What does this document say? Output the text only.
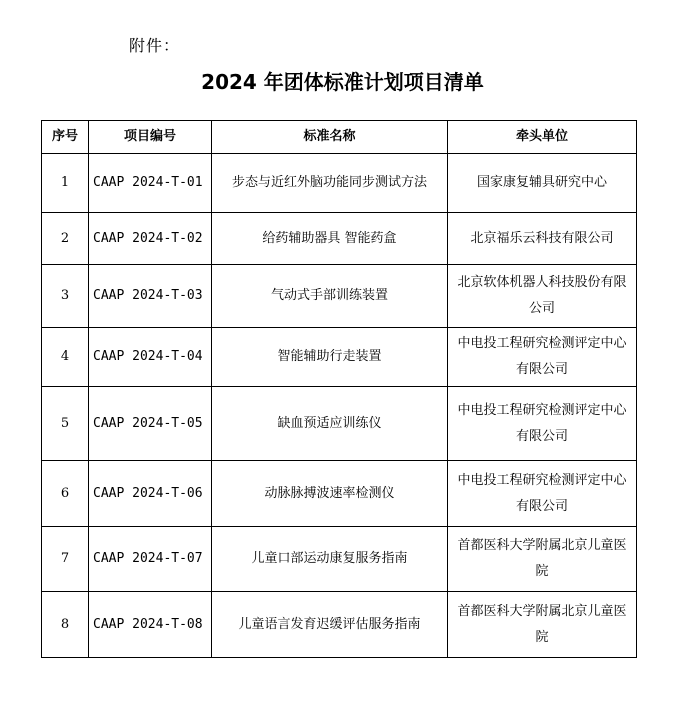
附件：
2024 年团体标准计划项目清单
序号	项目编号	标准名称	牵头单位
1	CAAP 2024-T-01	步态与近红外脑功能同步测试方法	国家康复辅具研究中心
2	CAAP 2024-T-02	给药辅助器具 智能药盒	北京福乐云科技有限公司
3	CAAP 2024-T-03	气动式手部训练装置	北京软体机器人科技股份有限公司
4	CAAP 2024-T-04	智能辅助行走装置	中电投工程研究检测评定中心有限公司
5	CAAP 2024-T-05	缺血预适应训练仪	中电投工程研究检测评定中心有限公司
6	CAAP 2024-T-06	动脉脉搏波速率检测仪	中电投工程研究检测评定中心有限公司
7	CAAP 2024-T-07	儿童口部运动康复服务指南	首都医科大学附属北京儿童医院
8	CAAP 2024-T-08	儿童语言发育迟缓评估服务指南	首都医科大学附属北京儿童医院
